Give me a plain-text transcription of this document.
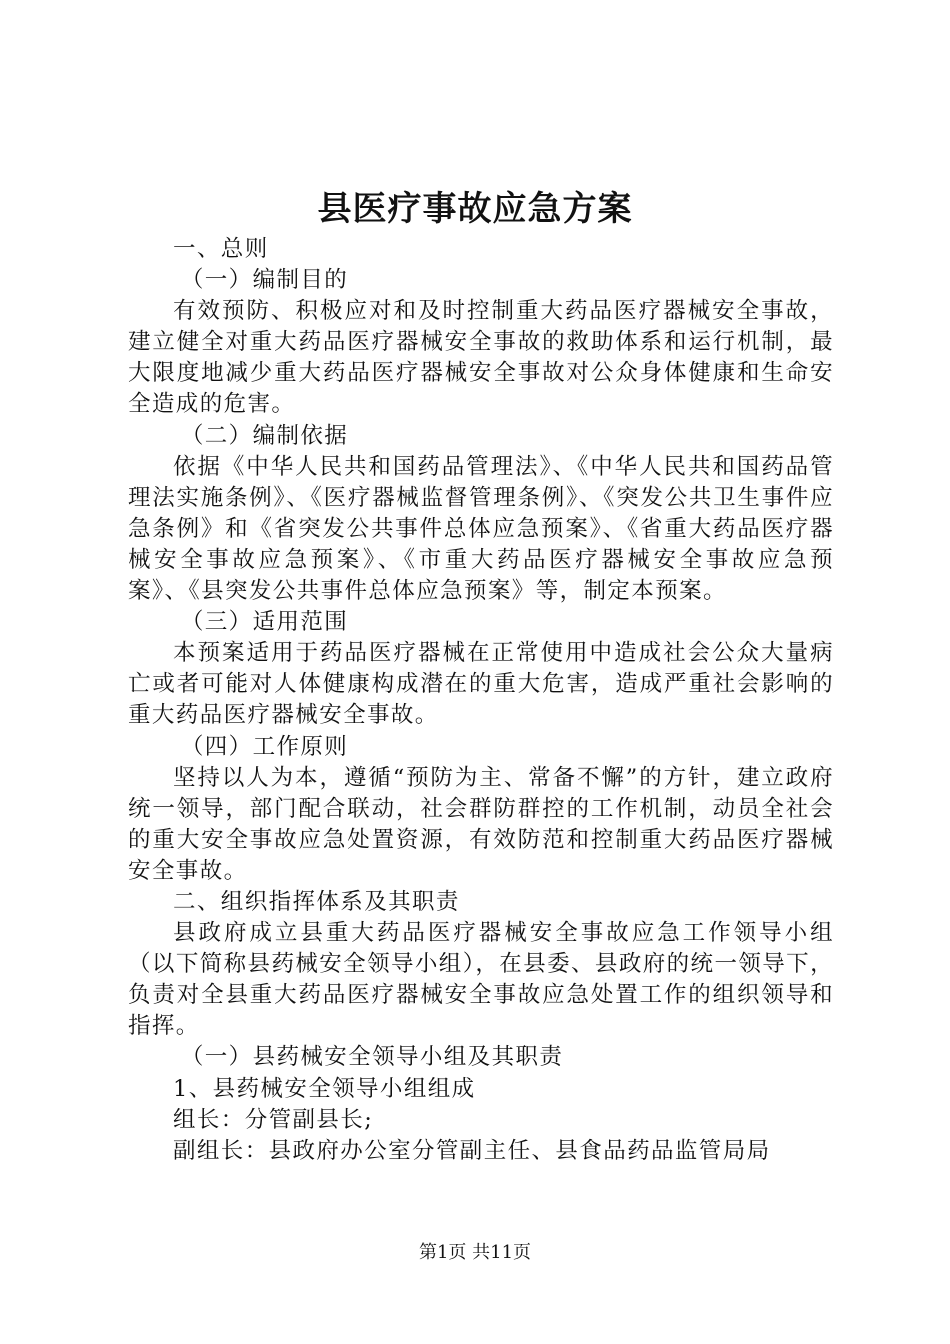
县医疗事故应急方案

一、总则

（一）编制目的

有效预防、积极应对和及时控制重大药品医疗器械安全事故，建立健全对重大药品医疗器械安全事故的救助体系和运行机制，最大限度地减少重大药品医疗器械安全事故对公众身体健康和生命安全造成的危害。

（二）编制依据

依据《中华人民共和国药品管理法》、《中华人民共和国药品管理法实施条例》、《医疗器械监督管理条例》、《突发公共卫生事件应急条例》和《省突发公共事件总体应急预案》、《省重大药品医疗器械安全事故应急预案》、《市重大药品医疗器械安全事故应急预案》、《县突发公共事件总体应急预案》等，制定本预案。

（三）适用范围

本预案适用于药品医疗器械在正常使用中造成社会公众大量病亡或者可能对人体健康构成潜在的重大危害，造成严重社会影响的重大药品医疗器械安全事故。

（四）工作原则

坚持以人为本，遵循“预防为主、常备不懈”的方针，建立政府统一领导，部门配合联动，社会群防群控的工作机制，动员全社会的重大安全事故应急处置资源，有效防范和控制重大药品医疗器械安全事故。

二、组织指挥体系及其职责

县政府成立县重大药品医疗器械安全事故应急工作领导小组（以下简称县药械安全领导小组），在县委、县政府的统一领导下，负责对全县重大药品医疗器械安全事故应急处置工作的组织领导和指挥。

（一）县药械安全领导小组及其职责

1、县药械安全领导小组组成

组长：分管副县长;

副组长：县政府办公室分管副主任、县食品药品监管局局

第1页 共11页
